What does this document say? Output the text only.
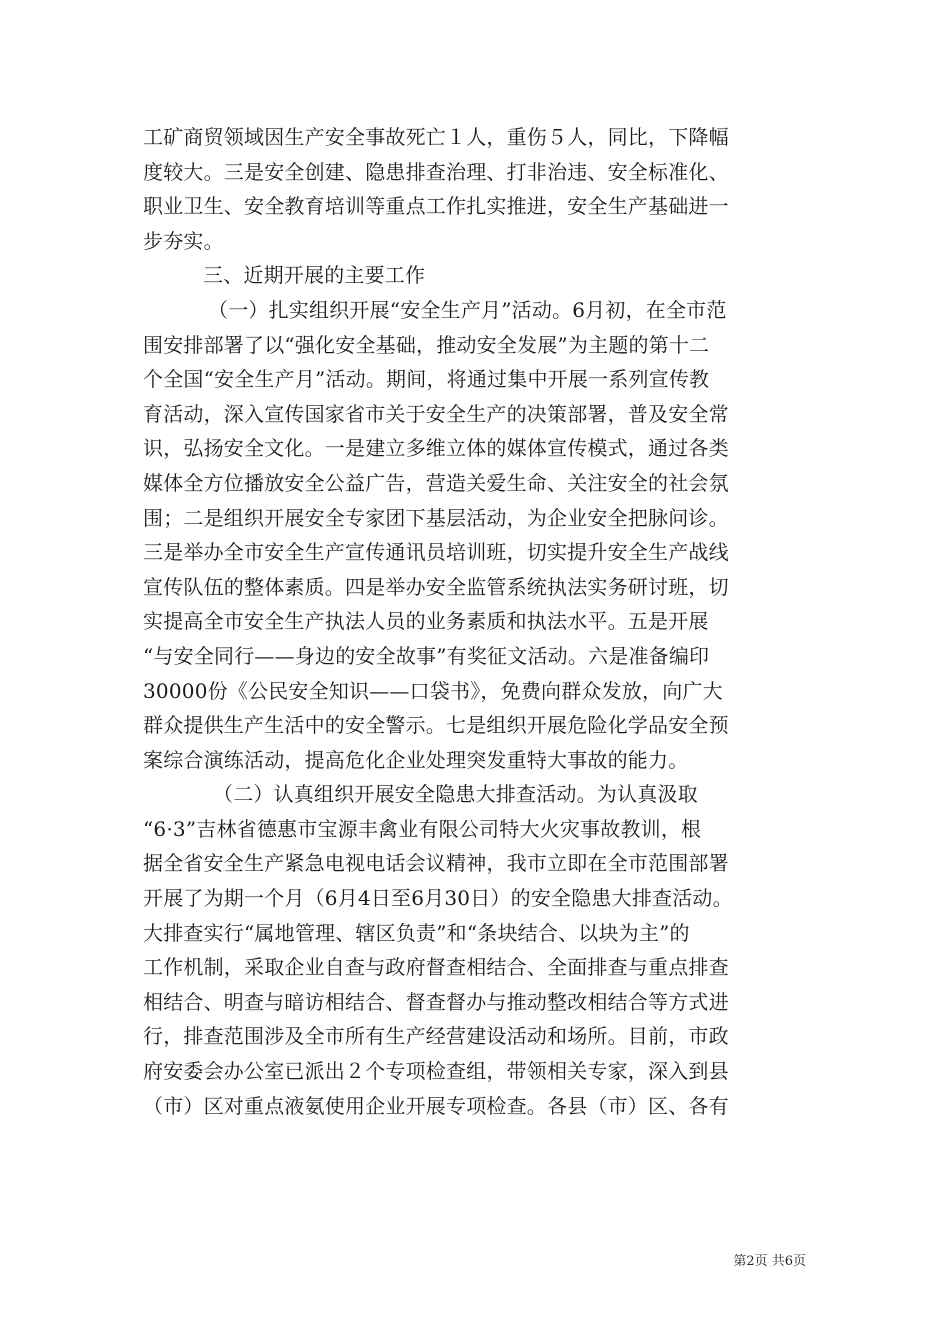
工矿商贸领域因生产安全事故死亡１人，重伤５人，同比，下降幅
度较大。三是安全创建、隐患排查治理、打非治违、安全标准化、
职业卫生、安全教育培训等重点工作扎实推进，安全生产基础进一
步夯实。
三、近期开展的主要工作
（一）扎实组织开展“安全生产月”活动。6月初，在全市范
围安排部署了以“强化安全基础，推动安全发展”为主题的第十二
个全国“安全生产月”活动。期间，将通过集中开展一系列宣传教
育活动，深入宣传国家省市关于安全生产的决策部署，普及安全常
识，弘扬安全文化。一是建立多维立体的媒体宣传模式，通过各类
媒体全方位播放安全公益广告，营造关爱生命、关注安全的社会氛
围；二是组织开展安全专家团下基层活动，为企业安全把脉问诊。
三是举办全市安全生产宣传通讯员培训班，切实提升安全生产战线
宣传队伍的整体素质。四是举办安全监管系统执法实务研讨班，切
实提高全市安全生产执法人员的业务素质和执法水平。五是开展
“与安全同行——身边的安全故事”有奖征文活动。六是准备编印
30000份《公民安全知识——口袋书》，免费向群众发放，向广大
群众提供生产生活中的安全警示。七是组织开展危险化学品安全预
案综合演练活动，提高危化企业处理突发重特大事故的能力。
（二）认真组织开展安全隐患大排查活动。为认真汲取
“6·3”吉林省德惠市宝源丰禽业有限公司特大火灾事故教训，根
据全省安全生产紧急电视电话会议精神，我市立即在全市范围部署
开展了为期一个月（6月4日至6月30日）的安全隐患大排查活动。
大排查实行“属地管理、辖区负责”和“条块结合、以块为主”的
工作机制，采取企业自查与政府督查相结合、全面排查与重点排查
相结合、明查与暗访相结合、督查督办与推动整改相结合等方式进
行，排查范围涉及全市所有生产经营建设活动和场所。目前，市政
府安委会办公室已派出２个专项检查组，带领相关专家，深入到县
（市）区对重点液氨使用企业开展专项检查。各县（市）区、各有
第2页 共6页
